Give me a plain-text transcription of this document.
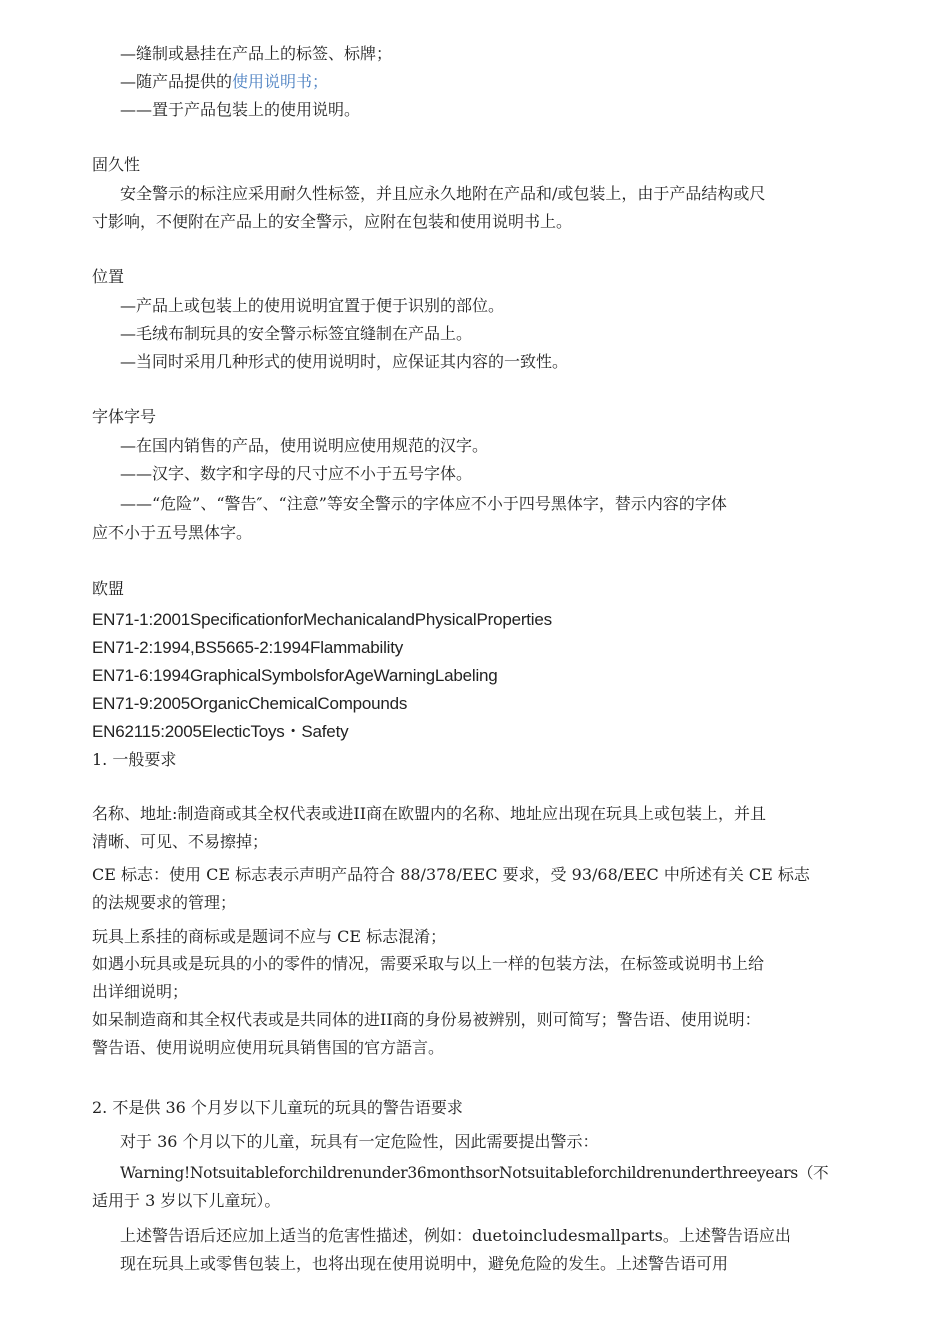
—缝制或悬挂在产品上的标签、标牌；
—随产品提供的使用说明书；
——置于产品包装上的使用说明。
固久性
安全警示的标注应采用耐久性标签，并且应永久地附在产品和/或包装上，由于产品结构或尺
寸影响，不便附在产品上的安全警示，应附在包装和使用说明书上。
位置
—产品上或包装上的使用说明宜置于便于识别的部位。
—毛绒布制玩具的安全警示标签宜缝制在产品上。
—当同时采用几种形式的使用说明时，应保证其内容的一致性。
字体字号
—在国内销售的产品，使用说明应使用规范的汉字。
——汉字、数字和字母的尺寸应不小于五号字体。
——“危险”、“警告″、“注意”等安全警示的字体应不小于四号黑体字，替示内容的字体
应不小于五号黑体字。
欧盟
EN71-1:2001SpecificationforMechanicalandPhysicalProperties
EN71-2:1994,BS5665-2:1994Flammability
EN71-6:1994GraphicalSymbolsforAgeWarningLabeling
EN71-9:2005OrganicChemicalCompounds
EN62115:2005ElecticToys・Safety
1. 一般要求
名称、地址:制造商或其全权代表或进II商在欧盟内的名称、地址应出现在玩具上或包装上，并且
清晰、可见、不易擦掉；
CE 标志：使用 CE 标志表示声明产品符合 88/378/EEC 要求，受 93/68/EEC 中所述有关 CE 标志
的法规要求的管理；
玩具上系挂的商标或是题词不应与 CE 标志混淆；
如遇小玩具或是玩具的小的零件的情况，需要采取与以上一样的包装方法，在标签或说明书上给
出详细说明；
如呆制造商和其全权代表或是共同体的进II商的身份易被辨别，则可简写；警告语、使用说明：
警告语、使用说明应使用玩具销售国的官方語言。
2. 不是供 36 个月岁以下儿童玩的玩具的警告语要求
对于 36 个月以下的儿童，玩具有一定危险性，因此需要提出警示：
Warning!Notsuitableforchildrenunder36monthsorNotsuitableforchildrenunderthreeyears（不
适用于 3 岁以下儿童玩）。
上述警告语后还应加上适当的危害性描述，例如：duetoincludesmallparts。上述警告语应出
现在玩具上或零售包装上，也将出现在使用说明中，避免危险的发生。上述警告语可用
